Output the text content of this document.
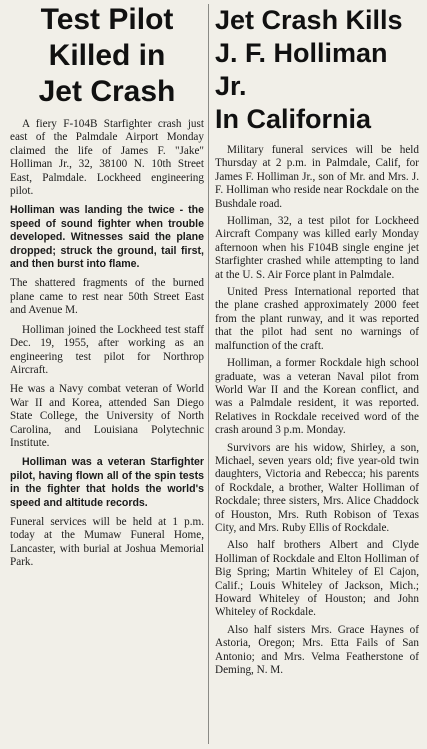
Test Pilot
Killed in
Jet Crash

A fiery F-104B Starfighter crash just east of the Palmdale Airport Monday claimed the life of James F. "Jake" Holliman Jr., 32, 38100 N. 10th Street East, Palmdale. Lockheed engineering pilot.

Holliman was landing the twice - the speed of sound fighter when trouble developed. Witnesses said the plane dropped; struck the ground, tail first, and then burst into flame.

The shattered fragments of the burned plane came to rest near 50th Street East and Avenue M.

Holliman joined the Lockheed test staff Dec. 19, 1955, after working as an engineering test pilot for Northrop Aircraft.

He was a Navy combat veteran of World War II and Korea, attended San Diego State College, the University of North Carolina, and Louisiana Polytechnic Institute.

Holliman was a veteran Starfighter pilot, having flown all of the spin tests in the fighter that holds the world's speed and altitude records.

Funeral services will be held at 1 p.m. today at the Mumaw Funeral Home, Lancaster, with burial at Joshua Memorial Park.

Jet Crash Kills
J. F. Holliman Jr.
In California

Military funeral services will be held Thursday at 2 p.m. in Palmdale, Calif, for James F. Holliman Jr., son of Mr. and Mrs. J. F. Holliman who reside near Rockdale on the Bushdale road.

Holliman, 32, a test pilot for Lockheed Aircraft Company was killed early Monday afternoon when his F104B single engine jet Starfighter crashed while attempting to land at the U. S. Air Force plant in Palmdale.

United Press International reported that the plane crashed approximately 2000 feet from the plant runway, and it was reported that the pilot had sent no warnings of malfunction of the craft.

Holliman, a former Rockdale high school graduate, was a veteran Naval pilot from World War II and the Korean conflict, and was a Palmdale resident, it was reported. Relatives in Rockdale received word of the crash around 3 p.m. Monday.

Survivors are his widow, Shirley, a son, Michael, seven years old; five year-old twin daughters, Victoria and Rebecca; his parents of Rockdale, a brother, Walter Holliman of Rockdale; three sisters, Mrs. Alice Chaddock of Houston, Mrs. Ruth Robison of Texas City, and Mrs. Ruby Ellis of Rockdale.

Also half brothers Albert and Clyde Holliman of Rockdale and Elton Holliman of Big Spring; Martin Whiteley of El Cajon, Calif.; Louis Whiteley of Jackson, Mich.; Howard Whiteley of Houston; and John Whiteley of Rockdale.

Also half sisters Mrs. Grace Haynes of Astoria, Oregon; Mrs. Etta Fails of San Antonio; and Mrs. Velma Featherstone of Deming, N. M.
